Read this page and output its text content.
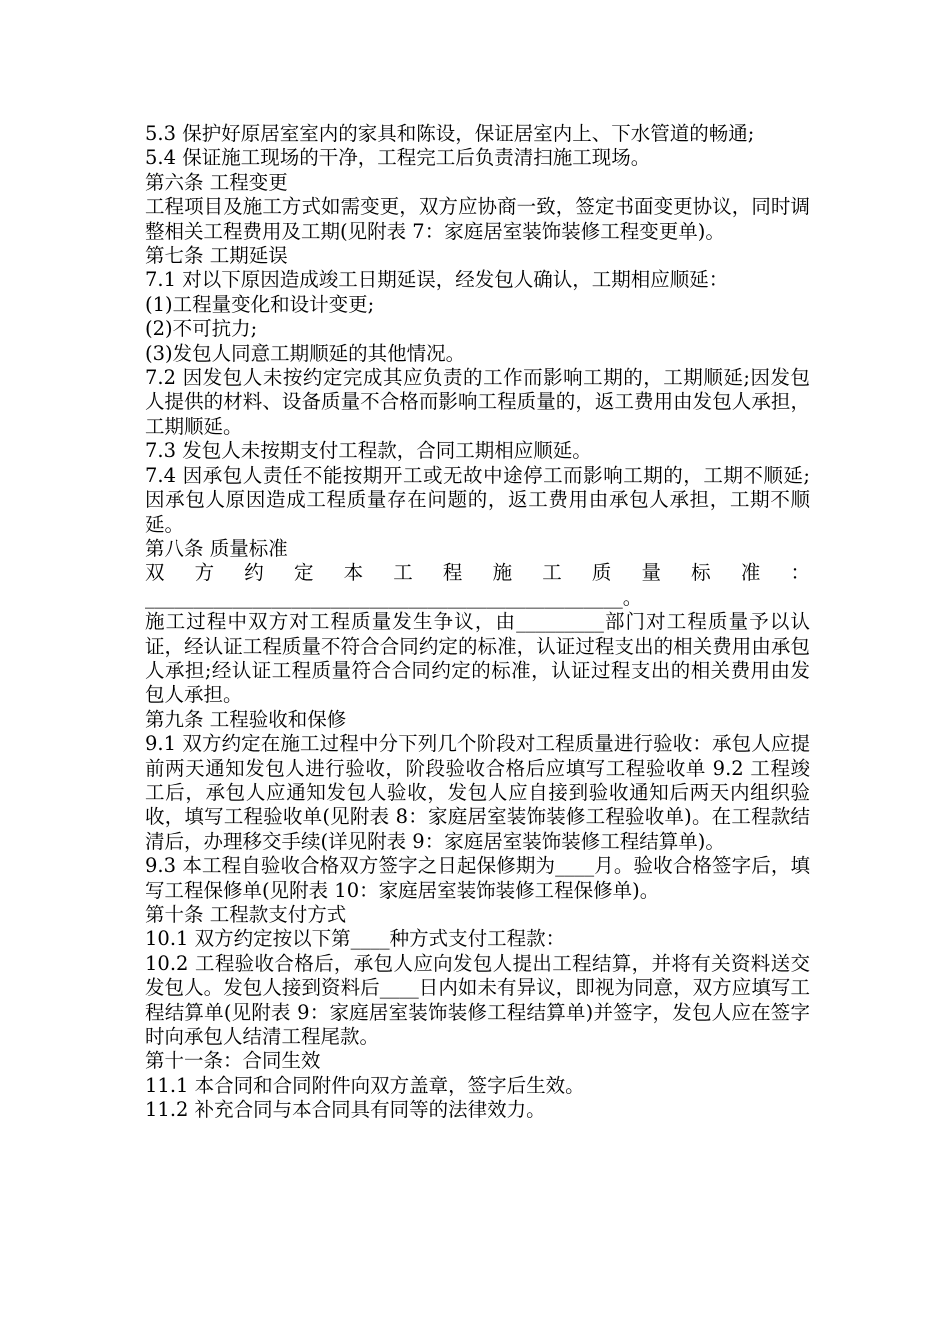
5.3 保护好原居室室内的家具和陈设，保证居室内上、下水管道的畅通;

5.4 保证施工现场的干净，工程完工后负责清扫施工现场。

第六条 工程变更

工程项目及施工方式如需变更，双方应协商一致，签定书面变更协议，同时调整相关工程费用及工期(见附表 7：家庭居室装饰装修工程变更单)。

第七条 工期延误

7.1 对以下原因造成竣工日期延误，经发包人确认，工期相应顺延：

(1)工程量变化和设计变更;

(2)不可抗力;

(3)发包人同意工期顺延的其他情况。

7.2 因发包人未按约定完成其应负责的工作而影响工期的，工期顺延;因发包人提供的材料、设备质量不合格而影响工程质量的，返工费用由发包人承担，工期顺延。

7.3 发包人未按期支付工程款，合同工期相应顺延。

7.4 因承包人责任不能按期开工或无故中途停工而影响工期的，工期不顺延;因承包人原因造成工程质量存在问题的，返工费用由承包人承担，工期不顺延。

第八条 质量标准

双方约定本工程施工质量标准：_________________________________________________。

施工过程中双方对工程质量发生争议，由_________部门对工程质量予以认证，经认证工程质量不符合合同约定的标准，认证过程支出的相关费用由承包人承担;经认证工程质量符合合同约定的标准，认证过程支出的相关费用由发包人承担。

第九条 工程验收和保修

9.1 双方约定在施工过程中分下列几个阶段对工程质量进行验收：承包人应提前两天通知发包人进行验收，阶段验收合格后应填写工程验收单 9.2 工程竣工后，承包人应通知发包人验收，发包人应自接到验收通知后两天内组织验收，填写工程验收单(见附表 8：家庭居室装饰装修工程验收单)。在工程款结清后，办理移交手续(详见附表 9：家庭居室装饰装修工程结算单)。

9.3 本工程自验收合格双方签字之日起保修期为____月。验收合格签字后，填写工程保修单(见附表 10：家庭居室装饰装修工程保修单)。

第十条 工程款支付方式

10.1 双方约定按以下第____种方式支付工程款：

10.2 工程验收合格后，承包人应向发包人提出工程结算，并将有关资料送交发包人。发包人接到资料后____日内如未有异议，即视为同意，双方应填写工程结算单(见附表 9：家庭居室装饰装修工程结算单)并签字，发包人应在签字时向承包人结清工程尾款。

第十一条：合同生效

11.1 本合同和合同附件向双方盖章，签字后生效。

11.2 补充合同与本合同具有同等的法律效力。
